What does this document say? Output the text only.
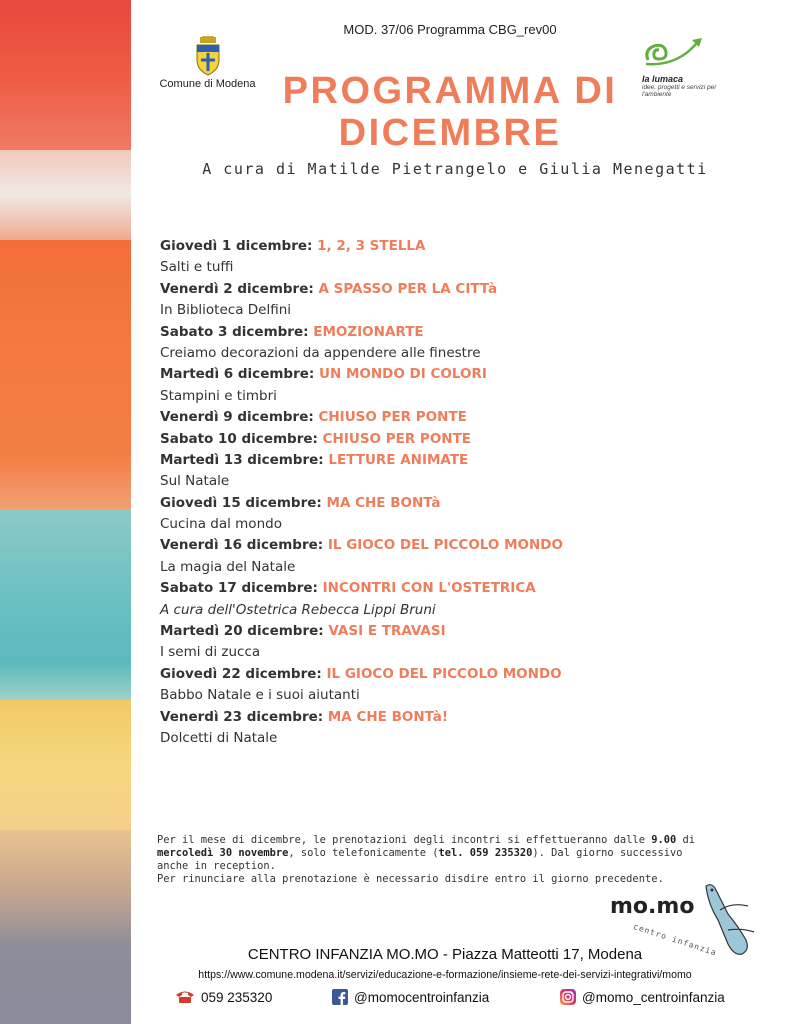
MOD. 37/06 Programma CBG_rev00
Comune di Modena	la lumaca
idee, progetti e servizi per l'ambiente
PROGRAMMA DI
DICEMBRE
A cura di Matilde Pietrangelo e Giulia Menegatti
Giovedì 1 dicembre: 1, 2, 3 STELLA
Salti e tuffi
Venerdì 2 dicembre: A SPASSO PER LA CITTà
In Biblioteca Delfini
Sabato 3 dicembre: EMOZIONARTE
Creiamo decorazioni da appendere alle finestre
Martedì 6 dicembre: UN MONDO DI COLORI
Stampini e timbri
Venerdì 9 dicembre: CHIUSO PER PONTE
Sabato 10 dicembre: CHIUSO PER PONTE
Martedì 13 dicembre: LETTURE ANIMATE
Sul Natale
Giovedì 15 dicembre: MA CHE BONTà
Cucina dal mondo
Venerdì 16 dicembre: IL GIOCO DEL PICCOLO MONDO
La magia del Natale
Sabato 17 dicembre: INCONTRI CON L'OSTETRICA
A cura dell'Ostetrica Rebecca Lippi Bruni
Martedì 20 dicembre: VASI E TRAVASI
I semi di zucca
Giovedì 22 dicembre: IL GIOCO DEL PICCOLO MONDO
Babbo Natale e i suoi aiutanti
Venerdì 23 dicembre: MA CHE BONTà!
Dolcetti di Natale
Per il mese di dicembre, le prenotazioni degli incontri si effettueranno dalle 9.00 di mercoledì 30 novembre, solo telefonicamente (tel. 059 235320). Dal giorno successivo anche in reception.
Per rinunciare alla prenotazione è necessario disdire entro il giorno precedente.
mo.mo
centro infanzia
CENTRO INFANZIA MO.MO - Piazza Matteotti 17, Modena
https://www.comune.modena.it/servizi/educazione-e-formazione/insieme-rete-dei-servizi-integrativi/momo
059 235320	@momocentroinfanzia	@momo_centroinfanzia
